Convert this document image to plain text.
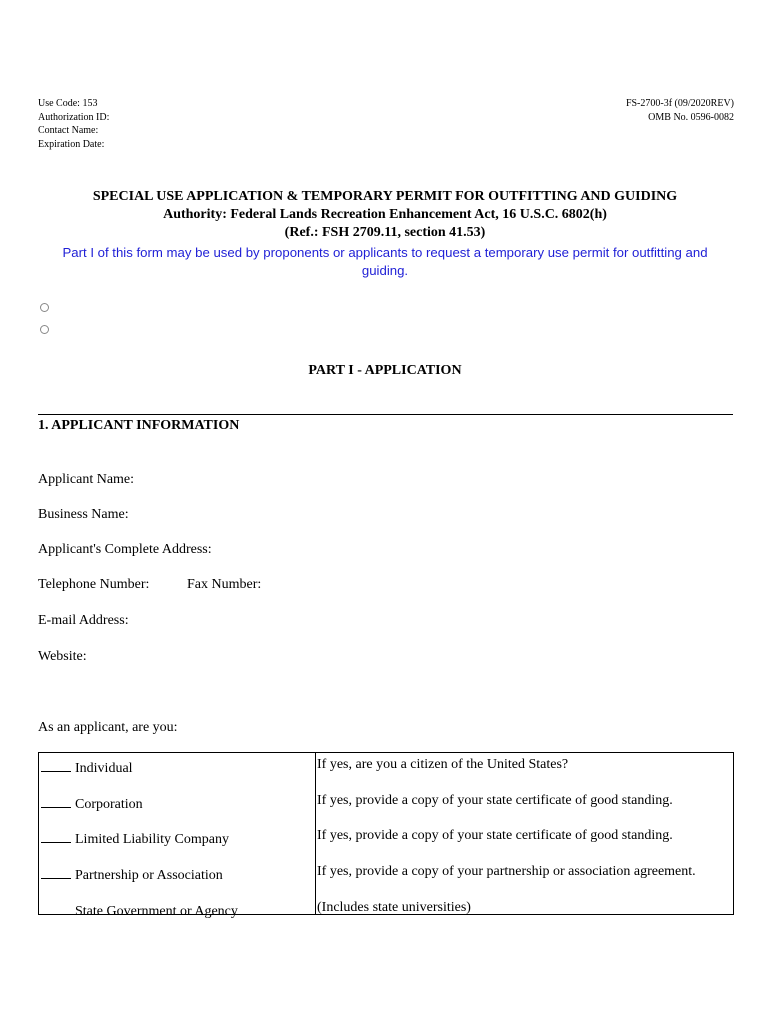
Use Code: 153
Authorization ID:
Contact Name:
Expiration Date:
FS-2700-3f (09/2020REV)
OMB No. 0596-0082
SPECIAL USE APPLICATION & TEMPORARY PERMIT FOR OUTFITTING AND GUIDING
Authority: Federal Lands Recreation Enhancement Act, 16 U.S.C. 6802(h)
(Ref.: FSH 2709.11, section 41.53)
Part I of this form may be used by proponents or applicants to request a temporary use permit for outfitting and guiding.
PART I - APPLICATION
1. APPLICANT INFORMATION
Applicant Name:
Business Name:
Applicant's Complete Address:
Telephone Number:	Fax Number:
E-mail Address:
Website:
As an applicant, are you:
Individual	If yes, are you a citizen of the United States?
Corporation	If yes, provide a copy of your state certificate of good standing.
Limited Liability Company	If yes, provide a copy of your state certificate of good standing.
Partnership or Association	If yes, provide a copy of your partnership or association agreement.
State Government or Agency	(Includes state universities)
